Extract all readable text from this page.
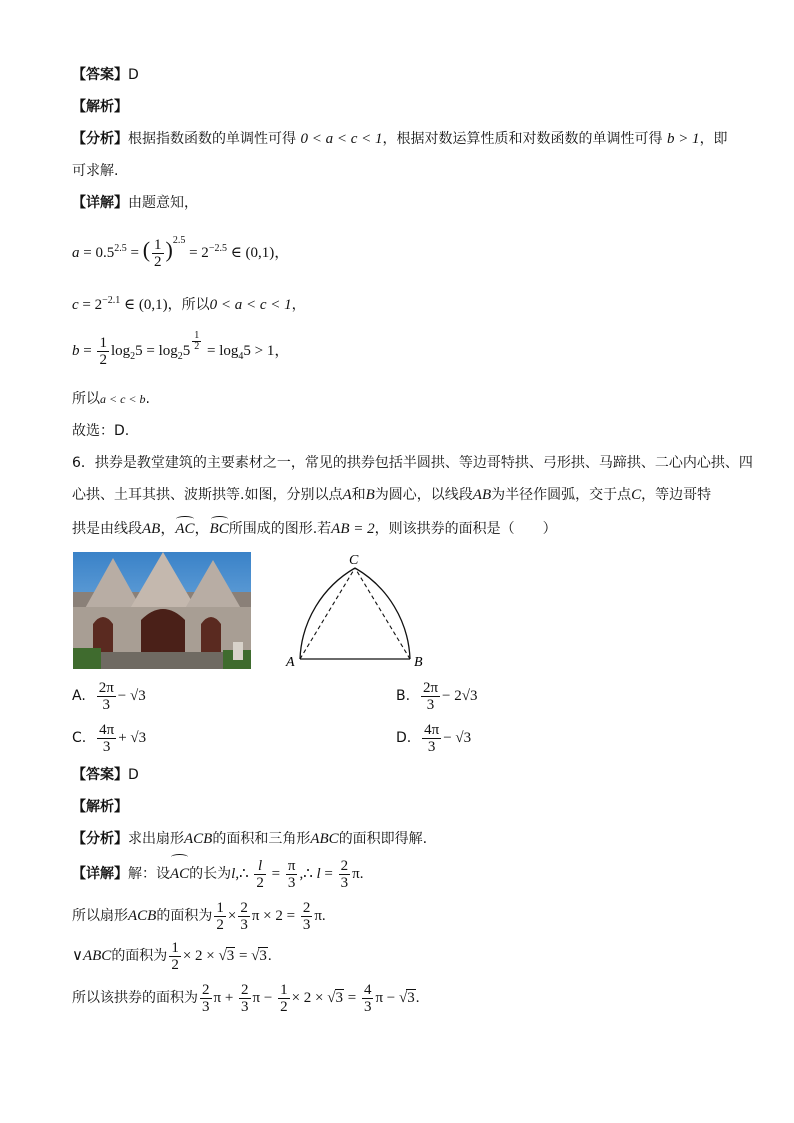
【答案】D
【解析】
【分析】根据指数函数的单调性可得 0 < a < c < 1，根据对数运算性质和对数函数的单调性可得 b > 1，即
可求解.
【详解】由题意知，
$a = 0.5^{2.5}$ = ( $\frac{1}{2} )^{2.5} = 2^{-2.5}$ ∈ (0,1)，
$c = 2^{-2.1}$ ∈ (0,1)，所以0 < a < c < 1，
$b = \frac{1}{2} \log_25 = \log_25 \frac{1}{2} = \log_45 > 1$，
所以a < c < b.
故选：D.
6．拱券是教堂建筑的主要素材之一，常见的拱券包括半圆拱、等边哥特拱、弓形拱、马蹄拱、二心内心拱、四
心拱、土耳其拱、波斯拱等.如图，分别以点A和B为圆心，以线段AB为半径作圆弧，交于点C，等边哥特
拱是由线段AB，AC，BC所围成的图形.若AB = 2，则该拱券的面积是（　　）
C
A	B
A. $\frac{2\pi}{3} - √3$	B. $\frac{2\pi}{3} - 2√3$
C. $\frac{4\pi}{3} + √3$	D. $\frac{4\pi}{3} - √3$
【答案】D
【解析】
【分析】求出扇形ACB的面积和三角形ABC的面积即得解.
【详解】解：设AC的长为l,∴ $\frac{l}{2} = \frac{\pi}{3}$ ,∴ $l = \frac{2}{3} \pi$.
所以扇形ACB的面积为 $\frac{1}{2} \times \frac{2}{3}$ $\pi \times 2 = \frac{2}{3} \pi$.
∨ABC的面积为 $\frac{1}{2} \times 2 \times √3 = √3$.
所以该拱券的面积为 $\frac{2}{3}$ $\pi + \frac{2}{3}$ $\pi - \frac{1}{2} \times 2 \times √3 = \frac{4}{3}$ π − √3.
